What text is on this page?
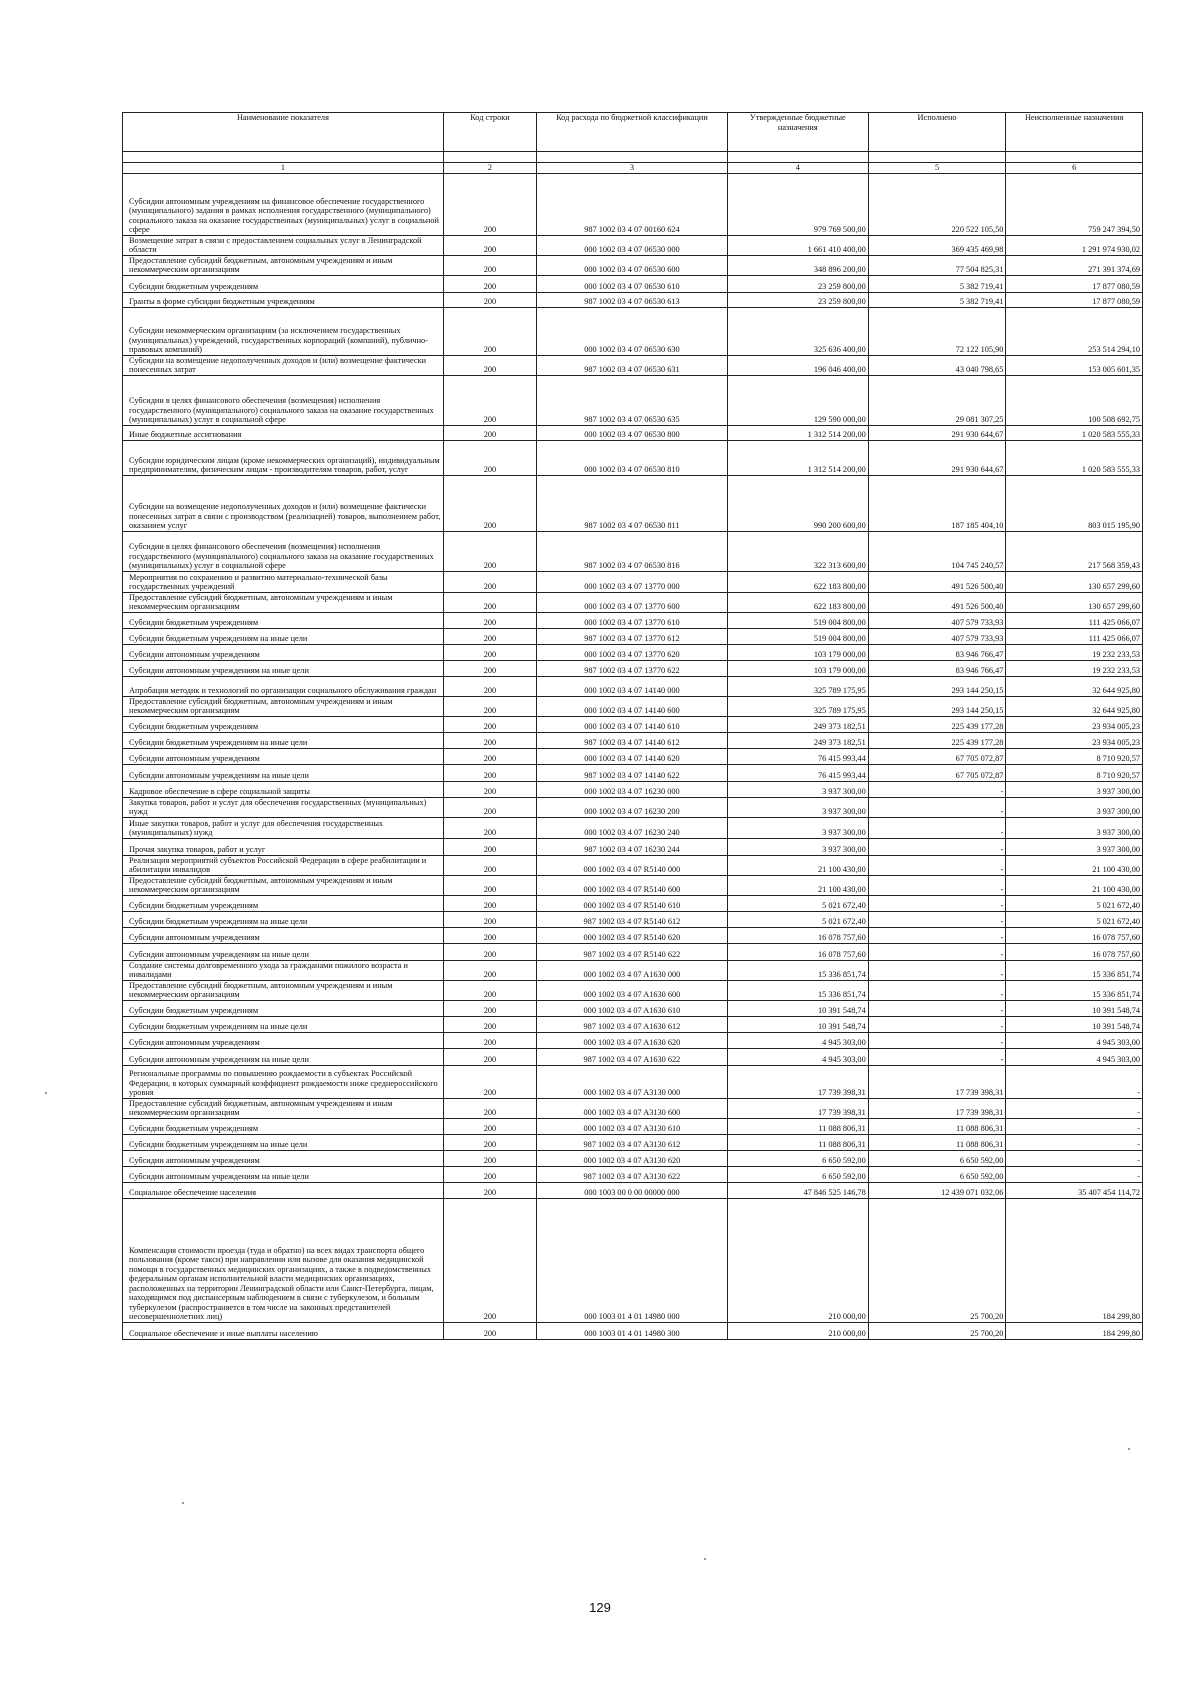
Наименование показателя	Код строки	Код расхода по бюджетной классификации	Утвержденные бюджетные назначения	Исполнено	Неисполненные назначения

1	2	3	4	5	6
Субсидии автономным учреждениям на финансовое обеспечение государственного (муниципального) задания в рамках исполнения государственного (муниципального) социального заказа на оказание государственных (муниципальных) услуг в социальной сфере	200	987 1002 03 4 07 00160 624	979 769 500,00	220 522 105,50	759 247 394,50
Возмещение затрат в связи с предоставлением социальных услуг в Ленинградской области	200	000 1002 03 4 07 06530 000	1 661 410 400,00	369 435 469,98	1 291 974 930,02
Предоставление субсидий бюджетным, автономным учреждениям и иным некоммерческим организациям	200	000 1002 03 4 07 06530 600	348 896 200,00	77 504 825,31	271 391 374,69
Субсидии бюджетным учреждениям	200	000 1002 03 4 07 06530 610	23 259 800,00	5 382 719,41	17 877 080,59
Гранты в форме субсидии бюджетным учреждениям	200	987 1002 03 4 07 06530 613	23 259 800,00	5 382 719,41	17 877 080,59
Субсидии некоммерческим организациям (за исключением государственных (муниципальных) учреждений, государственных корпораций (компаний), публично-правовых компаний)	200	000 1002 03 4 07 06530 630	325 636 400,00	72 122 105,90	253 514 294,10
Субсидии на возмещение недополученных доходов и (или) возмещение фактически понесенных затрат	200	987 1002 03 4 07 06530 631	196 046 400,00	43 040 798,65	153 005 601,35
Субсидии в целях финансового обеспечения (возмещения) исполнения государственного (муниципального) социального заказа на оказание государственных (муниципальных) услуг в социальной сфере	200	987 1002 03 4 07 06530 635	129 590 000,00	29 081 307,25	100 508 692,75
Иные бюджетные ассигнования	200	000 1002 03 4 07 06530 800	1 312 514 200,00	291 930 644,67	1 020 583 555,33
Субсидии юридическим лицам (кроме некоммерческих организаций), индивидуальным предпринимателям, физическим лицам - производителям товаров, работ, услуг	200	000 1002 03 4 07 06530 810	1 312 514 200,00	291 930 644,67	1 020 583 555,33
Субсидии на возмещение недополученных доходов и (или) возмещение фактически понесенных затрат в связи с производством (реализацией) товаров, выполнением работ, оказанием услуг	200	987 1002 03 4 07 06530 811	990 200 600,00	187 185 404,10	803 015 195,90
Субсидии в целях финансового обеспечения (возмещения) исполнения государственного (муниципального) социального заказа на оказание государственных (муниципальных) услуг в социальной сфере	200	987 1002 03 4 07 06530 816	322 313 600,00	104 745 240,57	217 568 359,43
Мероприятия по сохранению и развитию материально-технической базы государственных учреждений	200	000 1002 03 4 07 13770 000	622 183 800,00	491 526 500,40	130 657 299,60
Предоставление субсидий бюджетным, автономным учреждениям и иным некоммерческим организациям	200	000 1002 03 4 07 13770 600	622 183 800,00	491 526 500,40	130 657 299,60
Субсидии бюджетным учреждениям	200	000 1002 03 4 07 13770 610	519 004 800,00	407 579 733,93	111 425 066,07
Субсидии бюджетным учреждениям на иные цели	200	987 1002 03 4 07 13770 612	519 004 800,00	407 579 733,93	111 425 066,07
Субсидии автономным учреждениям	200	000 1002 03 4 07 13770 620	103 179 000,00	83 946 766,47	19 232 233,53
Субсидии автономным учреждениям на иные цели	200	987 1002 03 4 07 13770 622	103 179 000,00	83 946 766,47	19 232 233,53
Апробация методик и технологий по организации социального обслуживания граждан	200	000 1002 03 4 07 14140 000	325 789 175,95	293 144 250,15	32 644 925,80
Предоставление субсидий бюджетным, автономным учреждениям и иным некоммерческим организациям	200	000 1002 03 4 07 14140 600	325 789 175,95	293 144 250,15	32 644 925,80
Субсидии бюджетным учреждениям	200	000 1002 03 4 07 14140 610	249 373 182,51	225 439 177,28	23 934 005,23
Субсидии бюджетным учреждениям на иные цели	200	987 1002 03 4 07 14140 612	249 373 182,51	225 439 177,28	23 934 005,23
Субсидии автономным учреждениям	200	000 1002 03 4 07 14140 620	76 415 993,44	67 705 072,87	8 710 920,57
Субсидии автономным учреждениям на иные цели	200	987 1002 03 4 07 14140 622	76 415 993,44	67 705 072,87	8 710 920,57
Кадровое обеспечение в сфере социальной защиты	200	000 1002 03 4 07 16230 000	3 937 300,00	-	3 937 300,00
Закупка товаров, работ и услуг для обеспечения государственных (муниципальных) нужд	200	000 1002 03 4 07 16230 200	3 937 300,00	-	3 937 300,00
Иные закупки товаров, работ и услуг для обеспечения государственных (муниципальных) нужд	200	000 1002 03 4 07 16230 240	3 937 300,00	-	3 937 300,00
Прочая закупка товаров, работ и услуг	200	987 1002 03 4 07 16230 244	3 937 300,00	-	3 937 300,00
Реализация мероприятий субъектов Российской Федерации в сфере реабилитации и абилитации инвалидов	200	000 1002 03 4 07 R5140 000	21 100 430,00	-	21 100 430,00
Предоставление субсидий бюджетным, автономным учреждениям и иным некоммерческим организациям	200	000 1002 03 4 07 R5140 600	21 100 430,00	-	21 100 430,00
Субсидии бюджетным учреждениям	200	000 1002 03 4 07 R5140 610	5 021 672,40	-	5 021 672,40
Субсидии бюджетным учреждениям на иные цели	200	987 1002 03 4 07 R5140 612	5 021 672,40	-	5 021 672,40
Субсидии автономным учреждениям	200	000 1002 03 4 07 R5140 620	16 078 757,60	-	16 078 757,60
Субсидии автономным учреждениям на иные цели	200	987 1002 03 4 07 R5140 622	16 078 757,60	-	16 078 757,60
Создание системы долговременного ухода за гражданами пожилого возраста и инвалидами	200	000 1002 03 4 07 A1630 000	15 336 851,74	-	15 336 851,74
Предоставление субсидий бюджетным, автономным учреждениям и иным некоммерческим организациям	200	000 1002 03 4 07 A1630 600	15 336 851,74	-	15 336 851,74
Субсидии бюджетным учреждениям	200	000 1002 03 4 07 A1630 610	10 391 548,74	-	10 391 548,74
Субсидии бюджетным учреждениям на иные цели	200	987 1002 03 4 07 A1630 612	10 391 548,74	-	10 391 548,74
Субсидии автономным учреждениям	200	000 1002 03 4 07 A1630 620	4 945 303,00	-	4 945 303,00
Субсидии автономным учреждениям на иные цели	200	987 1002 03 4 07 A1630 622	4 945 303,00	-	4 945 303,00
Региональные программы по повышению рождаемости в субъектах Российской Федерации, в которых суммарный коэффициент рождаемости ниже среднероссийского уровня	200	000 1002 03 4 07 A3130 000	17 739 398,31	17 739 398,31	-
Предоставление субсидий бюджетным, автономным учреждениям и иным некоммерческим организациям	200	000 1002 03 4 07 A3130 600	17 739 398,31	17 739 398,31	-
Субсидии бюджетным учреждениям	200	000 1002 03 4 07 A3130 610	11 088 806,31	11 088 806,31	-
Субсидии бюджетным учреждениям на иные цели	200	987 1002 03 4 07 A3130 612	11 088 806,31	11 088 806,31	-
Субсидии автономным учреждениям	200	000 1002 03 4 07 A3130 620	6 650 592,00	6 650 592,00	-
Субсидии автономным учреждениям на иные цели	200	987 1002 03 4 07 A3130 622	6 650 592,00	6 650 592,00	-
Социальное обеспечение населения	200	000 1003 00 0 00 00000 000	47 846 525 146,78	12 439 071 032,06	35 407 454 114,72
Компенсация стоимости проезда (туда и обратно) на всех видах транспорта общего пользования (кроме такси) при направлении или вызове для оказания медицинской помощи в государственных медицинских организациях, а также в подведомственных федеральным органам исполнительной власти медицинских организациях, расположенных на территории Ленинградской области или Санкт-Петербурга, лицам, находящимся под диспансерным наблюдением в связи с туберкулезом, и больным туберкулезом (распространяется в том числе на законных представителей несовершеннолетних лиц)	200	000 1003 01 4 01 14980 000	210 000,00	25 700,20	184 299,80
Социальное обеспечение и иные выплаты населению	200	000 1003 01 4 01 14980 300	210 000,00	25 700,20	184 299,80
129
